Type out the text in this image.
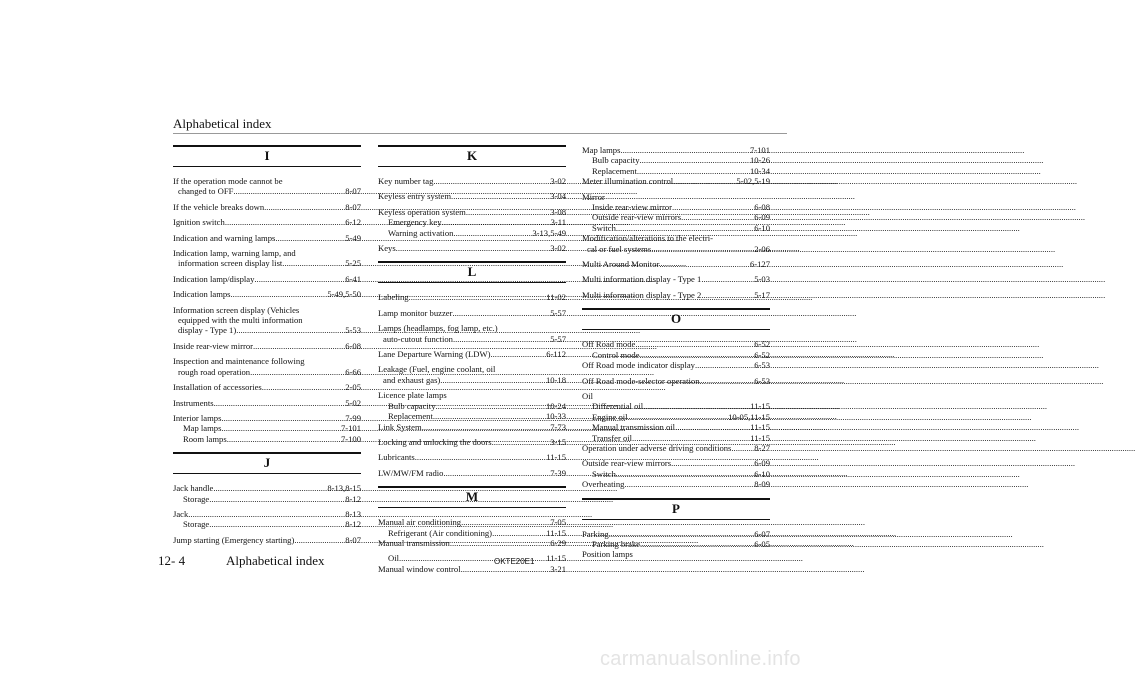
Alphabetical index
I
If the operation mode cannot be
changed to OFF .....	8-07
If the vehicle breaks down .....	8-07
Ignition switch .....	6-12
Indication and warning lamps .....	5-49
Indication lamp, warning lamp, and
information screen display list .....	5-25
Indication lamp/display .....	6-41
Indication lamps .....	5-49,5-50
Information screen display (Vehicles
equipped with the multi information
display - Type 1) .....	5-53
Inside rear-view mirror .....	6-08
Inspection and maintenance following
rough road operation .....	6-66
Installation of accessories .....	2-05
Instruments .....	5-02
Interior lamps .....	7-99
Map lamps .....	7-101
Room lamps .....	7-100
J
Jack handle .....	8-13,8-15
Storage .....	8-12
Jack .....	8-13
Storage .....	8-12
Jump starting (Emergency starting) .....	8-07
K
Key number tag .....	3-02
Keyless entry system .....	3-04
Keyless operation system .....	3-08
Emergency key .....	3-11
Warning activation .....	3-13,5-49
Keys .....	3-02
L
Labeling .....	11-02
Lamp monitor buzzer .....	5-57
Lamps (headlamps, fog lamp, etc.)
auto-cutout function .....	5-57
Lane Departure Warning (LDW) .....	6-112
Leakage (Fuel, engine coolant, oil
and exhaust gas) .....	10-18
Licence plate lamps
Bulb capacity .....	10-24
Replacement .....	10-33
Link System .....	7-73
Locking and unlocking the doors .....	3-15
Lubricants .....	11-15
LW/MW/FM radio .....	7-39
M
Manual air conditioning .....	7-05
Refrigerant (Air conditioning) .....	11-15
Manual transmission .....	6-29
Oil .....	11-15
Manual window control .....	3-21
Map lamps .....	7-101
Bulb capacity .....	10-26
Replacement .....	10-34
Meter illumination control .....	5-02,5-19
Mirror
Inside rear-view mirror .....	6-08
Outside rear-view mirrors .....	6-09
Switch .....	6-10
Modification/alterations to the electri-
cal or fuel systems .....	2-06
Multi Around Monitor .....	6-127
Multi information display - Type 1 .....	5-03
Multi information display - Type 2 .....	5-17
O
Off Road mode .....	6-52
Control mode .....	6-52
Off Road mode indicator display .....	6-53
Off Road mode-selector operation .....	6-53
Oil
Differential oil .....	11-15
Engine oil .....	10-05,11-15
Manual transmission oil .....	11-15
Transfer oil .....	11-15
Operation under adverse driving conditions .....	8-27
Outside rear-view mirrors .....	6-09
Switch .....	6-10
Overheating .....	8-09
P
Parking .....	6-07
Parking brake .....	6-05
Position lamps
12- 4	Alphabetical index	OKTE20E1
carmanualsonline.info
